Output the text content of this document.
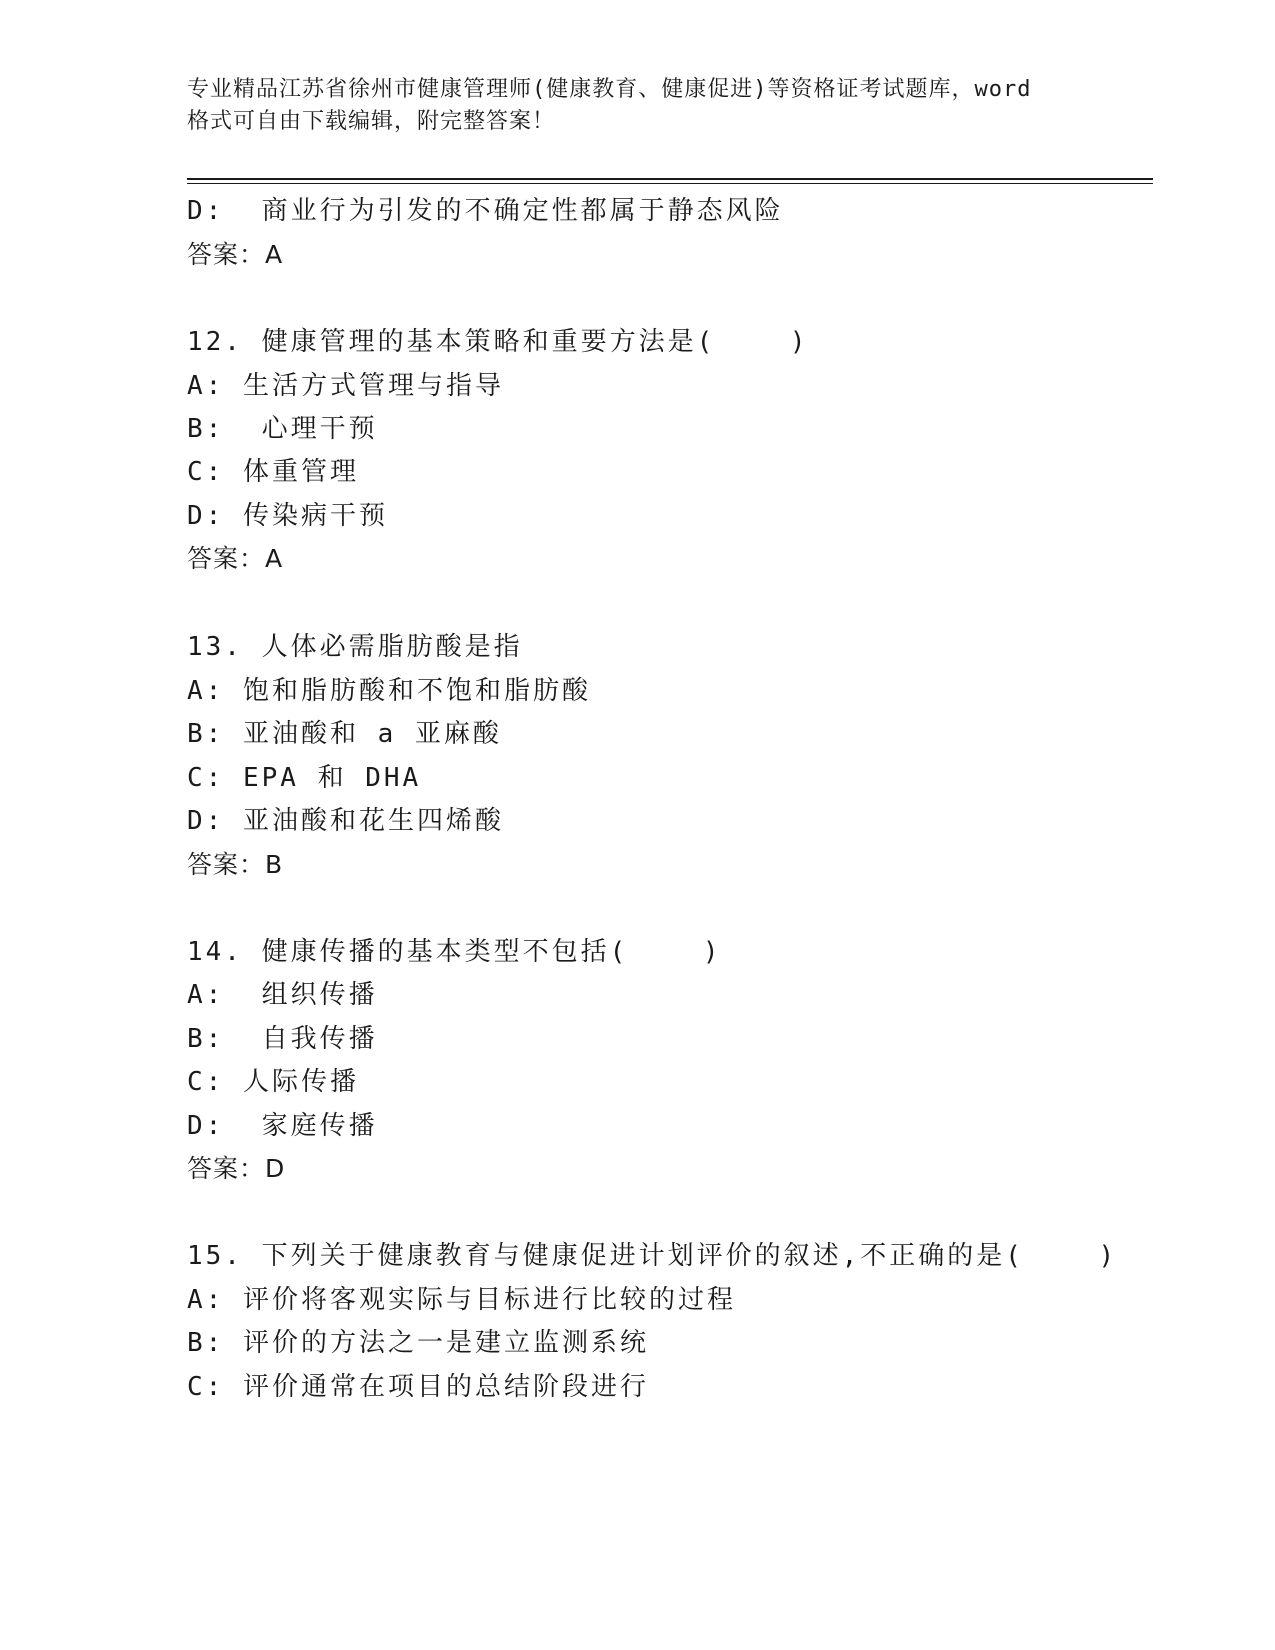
专业精品江苏省徐州市健康管理师(健康教育、健康促进)等资格证考试题库，word
格式可自由下载编辑，附完整答案！
D:  商业行为引发的不确定性都属于静态风险
答案：A
12. 健康管理的基本策略和重要方法是(    )
A: 生活方式管理与指导
B:  心理干预
C: 体重管理
D: 传染病干预
答案：A
13. 人体必需脂肪酸是指
A: 饱和脂肪酸和不饱和脂肪酸
B: 亚油酸和 a 亚麻酸
C: EPA 和 DHA
D: 亚油酸和花生四烯酸
答案：B
14. 健康传播的基本类型不包括(    )
A:  组织传播
B:  自我传播
C: 人际传播
D:  家庭传播
答案：D
15. 下列关于健康教育与健康促进计划评价的叙述,不正确的是(    )
A: 评价将客观实际与目标进行比较的过程
B: 评价的方法之一是建立监测系统
C: 评价通常在项目的总结阶段进行
